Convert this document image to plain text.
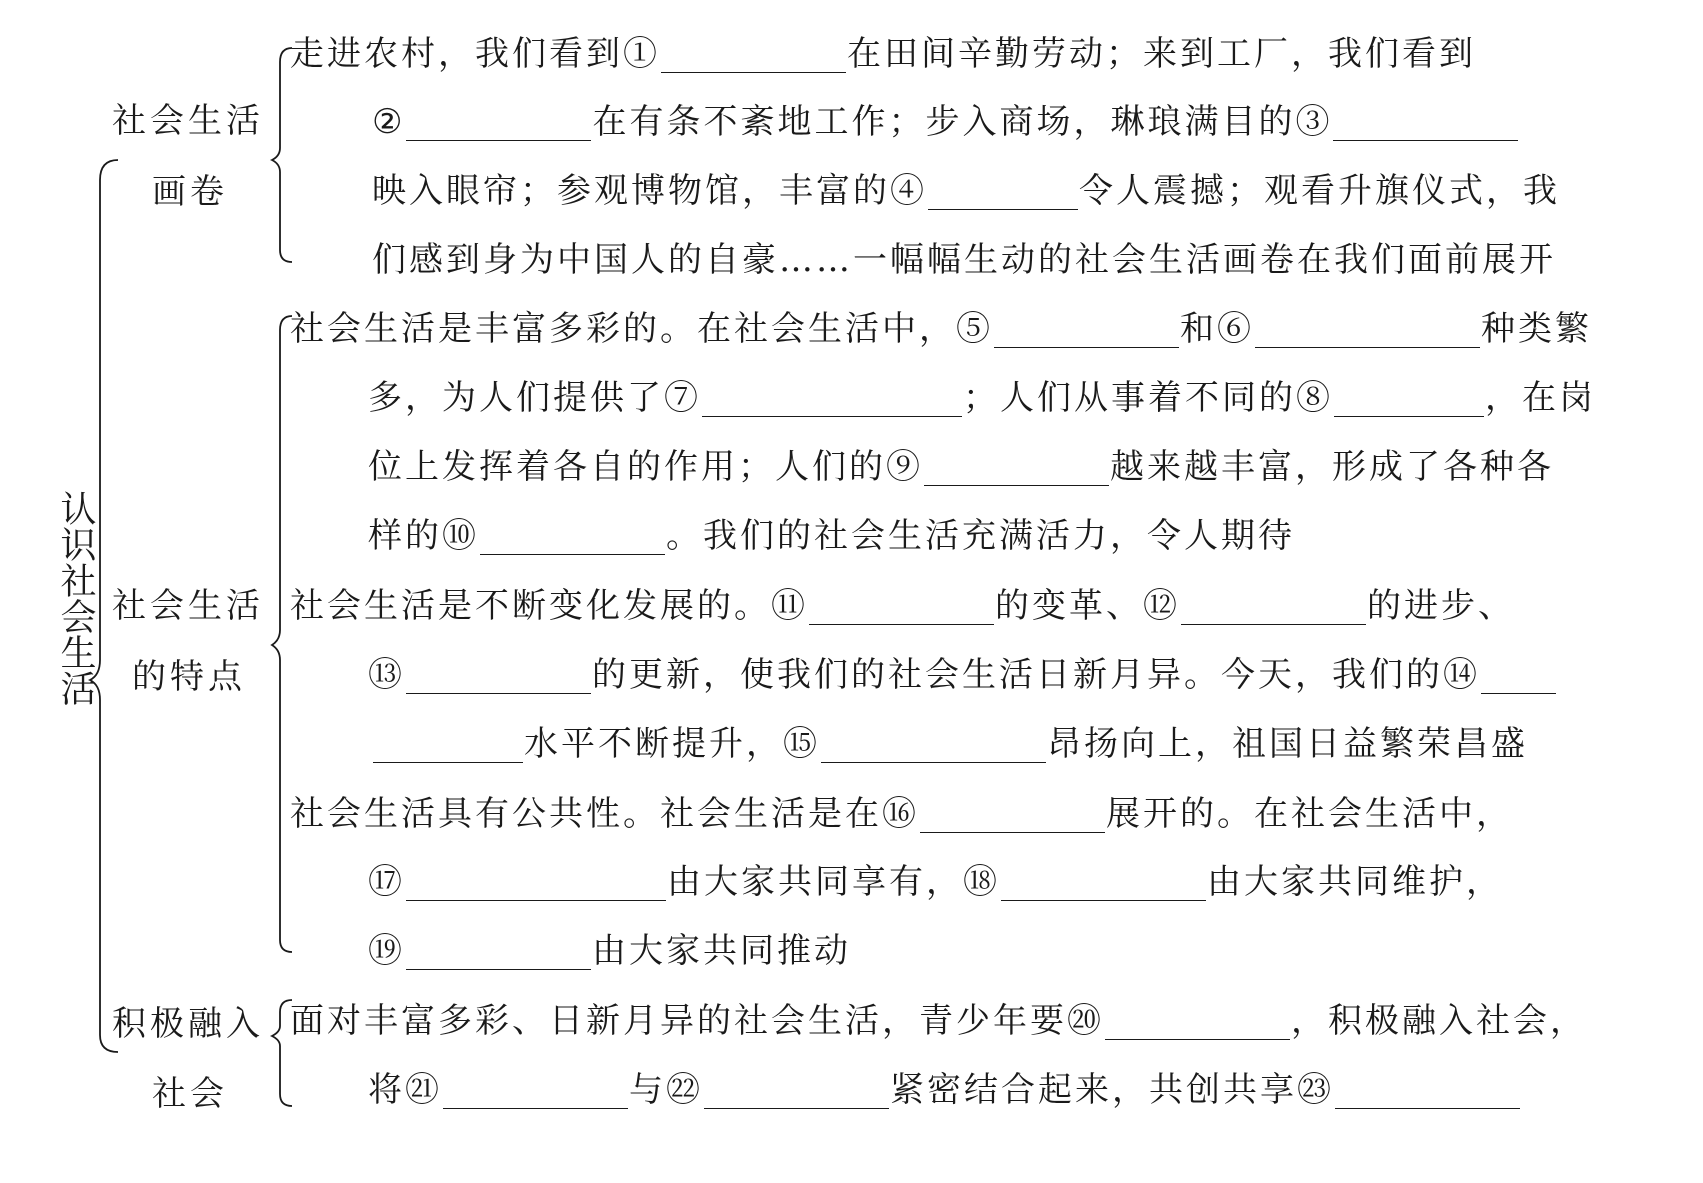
认识社会生活
社会生活
画卷
社会生活
的特点
积极融入
社会
走进农村，我们看到①	在田间辛勤劳动；来到工厂，我们看到
②	在有条不紊地工作；步入商场，琳琅满目的③
映入眼帘；参观博物馆，丰富的④	令人震撼；观看升旗仪式，我
们感到身为中国人的自豪……一幅幅生动的社会生活画卷在我们面前展开
社会生活是丰富多彩的。在社会生活中，⑤	和⑥	种类繁
多，为人们提供了⑦	；人们从事着不同的⑧	，在岗
位上发挥着各自的作用；人们的⑨	越来越丰富，形成了各种各
样的⑩	。我们的社会生活充满活力，令人期待
社会生活是不断变化发展的。⑪	的变革、⑫	的进步、
⑬	的更新，使我们的社会生活日新月异。今天，我们的⑭
水平不断提升，⑮	昂扬向上，祖国日益繁荣昌盛
社会生活具有公共性。社会生活是在⑯	展开的。在社会生活中，
⑰	由大家共同享有，⑱	由大家共同维护，
⑲	由大家共同推动
面对丰富多彩、日新月异的社会生活，青少年要⑳	，积极融入社会，
将㉑	与㉒	紧密结合起来，共创共享㉓
